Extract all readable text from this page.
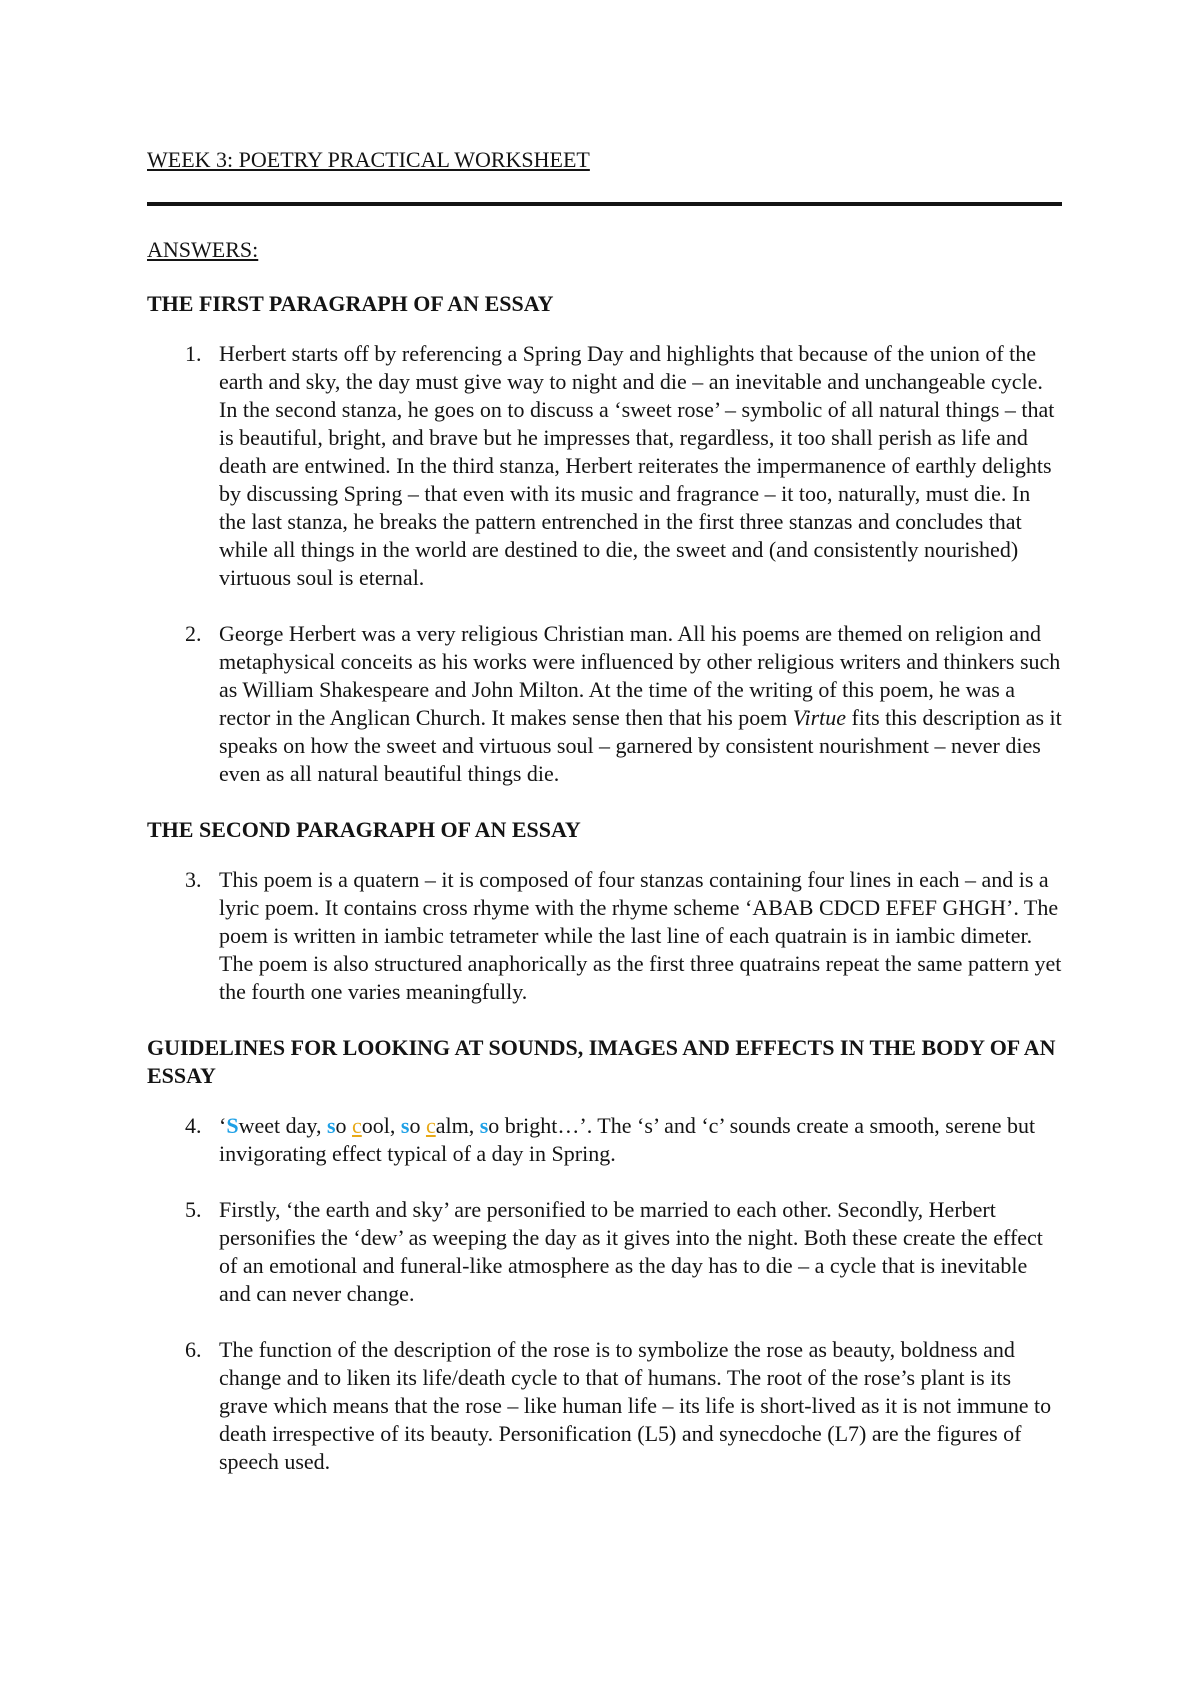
WEEK 3: POETRY PRACTICAL WORKSHEET
ANSWERS:
THE FIRST PARAGRAPH OF AN ESSAY
1. Herbert starts off by referencing a Spring Day and highlights that because of the union of the earth and sky, the day must give way to night and die – an inevitable and unchangeable cycle. In the second stanza, he goes on to discuss a ‘sweet rose’ – symbolic of all natural things – that is beautiful, bright, and brave but he impresses that, regardless, it too shall perish as life and death are entwined. In the third stanza, Herbert reiterates the impermanence of earthly delights by discussing Spring – that even with its music and fragrance – it too, naturally, must die. In the last stanza, he breaks the pattern entrenched in the first three stanzas and concludes that while all things in the world are destined to die, the sweet and (and consistently nourished) virtuous soul is eternal.
2. George Herbert was a very religious Christian man. All his poems are themed on religion and metaphysical conceits as his works were influenced by other religious writers and thinkers such as William Shakespeare and John Milton. At the time of the writing of this poem, he was a rector in the Anglican Church. It makes sense then that his poem Virtue fits this description as it speaks on how the sweet and virtuous soul – garnered by consistent nourishment – never dies even as all natural beautiful things die.
THE SECOND PARAGRAPH OF AN ESSAY
3. This poem is a quatern – it is composed of four stanzas containing four lines in each – and is a lyric poem. It contains cross rhyme with the rhyme scheme ‘ABAB CDCD EFEF GHGH’. The poem is written in iambic tetrameter while the last line of each quatrain is in iambic dimeter. The poem is also structured anaphorically as the first three quatrains repeat the same pattern yet the fourth one varies meaningfully.
GUIDELINES FOR LOOKING AT SOUNDS, IMAGES AND EFFECTS IN THE BODY OF AN ESSAY
4. ‘Sweet day, so cool, so calm, so bright…’. The ‘s’ and ‘c’ sounds create a smooth, serene but invigorating effect typical of a day in Spring.
5. Firstly, ‘the earth and sky’ are personified to be married to each other. Secondly, Herbert personifies the ‘dew’ as weeping the day as it gives into the night. Both these create the effect of an emotional and funeral-like atmosphere as the day has to die – a cycle that is inevitable and can never change.
6. The function of the description of the rose is to symbolize the rose as beauty, boldness and change and to liken its life/death cycle to that of humans. The root of the rose’s plant is its grave which means that the rose – like human life – its life is short-lived as it is not immune to death irrespective of its beauty. Personification (L5) and synecdoche (L7) are the figures of speech used.
